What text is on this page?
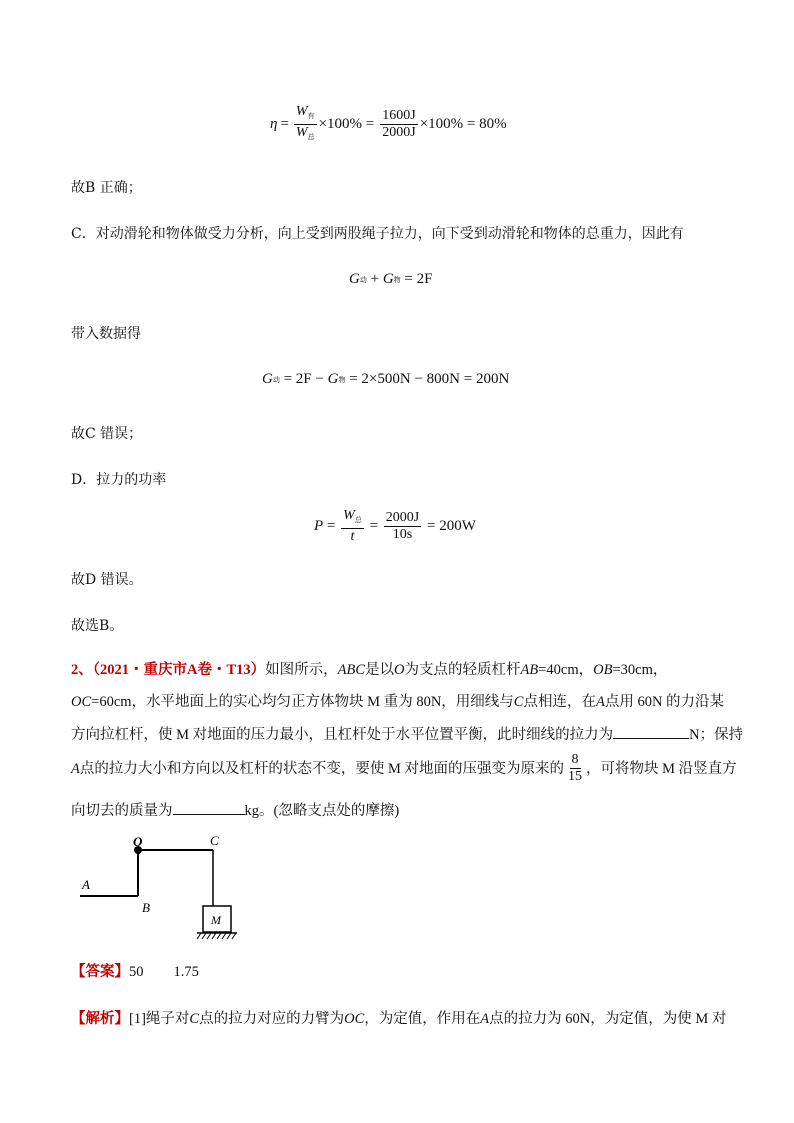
$\eta = \frac{W_有}{W_总} \times 100\% = \frac{1600J}{2000J} \times 100\% = 80\%$
故B 正确；
C．对动滑轮和物体做受力分析，向上受到两股绳子拉力，向下受到动滑轮和物体的总重力，因此有
G 动 + G 物 = 2F
带入数据得
G 动 = 2F − G 物 = 2×500N − 800N = 200N
故C 错误；
D．拉力的功率
$P = \frac{W_总}{t} = \frac{2000J}{10s} = 200W$
故D 错误。
故选B。
2、（2021・重庆市A卷・T13）如图所示，ABC是以O为支点的轻质杠杆AB=40cm，OB=30cm，
OC=60cm，水平地面上的实心均匀正方体物块 M 重为 80N，用细线与C点相连，在A点用 60N 的力沿某
方向拉杠杆，使 M 对地面的压力最小，且杠杆处于水平位置平衡，此时细线的拉力为	N；保持
A 点的拉力大小和方向以及杠杆的状态不变，要使 M 对地面的压强变为原来的 $\frac{8}{15}$ ，可将物块 M 沿竖直方
向切去的质量为	kg。(忽略支点处的摩擦)
O	C
A
B
M
【答案】50 1.75
【解析】[1]绳子对C点的拉力对应的力臂为OC，为定值，作用在A点的拉力为 60N，为定值，为使 M 对
